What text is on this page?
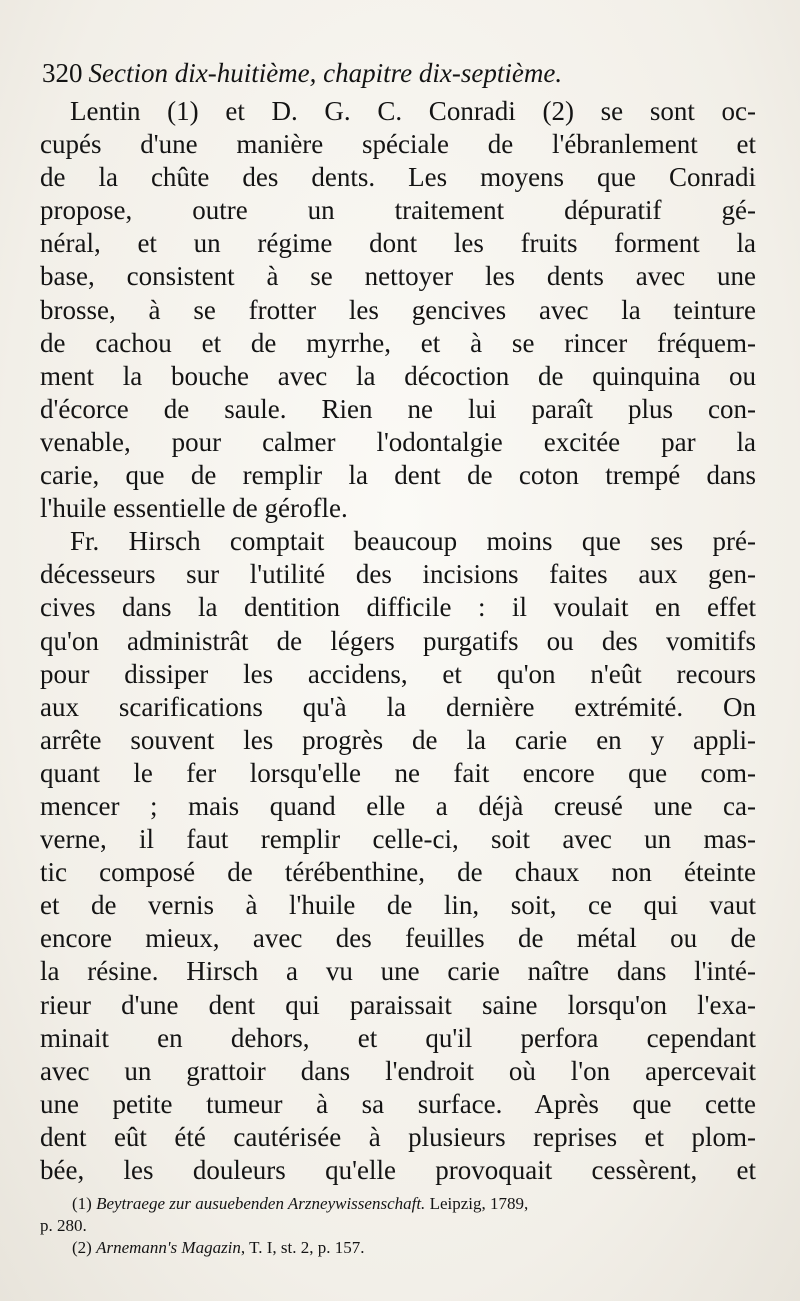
320 Section dix-huitième, chapitre dix-septième.
Lentin (1) et D. G. C. Conradi (2) se sont oc-
cupés d'une manière spéciale de l'ébranlement et
de la chûte des dents. Les moyens que Conradi
propose, outre un traitement dépuratif gé-
néral, et un régime dont les fruits forment la
base, consistent à se nettoyer les dents avec une
brosse, à se frotter les gencives avec la teinture
de cachou et de myrrhe, et à se rincer fréquem-
ment la bouche avec la décoction de quinquina ou
d'écorce de saule. Rien ne lui paraît plus con-
venable, pour calmer l'odontalgie excitée par la
carie, que de remplir la dent de coton trempé dans
l'huile essentielle de gérofle.
Fr. Hirsch comptait beaucoup moins que ses pré-
décesseurs sur l'utilité des incisions faites aux gen-
cives dans la dentition difficile : il voulait en effet
qu'on administrât de légers purgatifs ou des vomitifs
pour dissiper les accidens, et qu'on n'eût recours
aux scarifications qu'à la dernière extrémité. On
arrête souvent les progrès de la carie en y appli-
quant le fer lorsqu'elle ne fait encore que com-
mencer ; mais quand elle a déjà creusé une ca-
verne, il faut remplir celle-ci, soit avec un mas-
tic composé de térébenthine, de chaux non éteinte
et de vernis à l'huile de lin, soit, ce qui vaut
encore mieux, avec des feuilles de métal ou de
la résine. Hirsch a vu une carie naître dans l'inté-
rieur d'une dent qui paraissait saine lorsqu'on l'exa-
minait en dehors, et qu'il perfora cependant
avec un grattoir dans l'endroit où l'on apercevait
une petite tumeur à sa surface. Après que cette
dent eût été cautérisée à plusieurs reprises et plom-
bée, les douleurs qu'elle provoquait cessèrent, et
(1) Beytraege zur ausuebenden Arzneywissenschaft. Leipzig, 1789,
p. 280.
(2) Arnemann's Magazin, T. I, st. 2, p. 157.
